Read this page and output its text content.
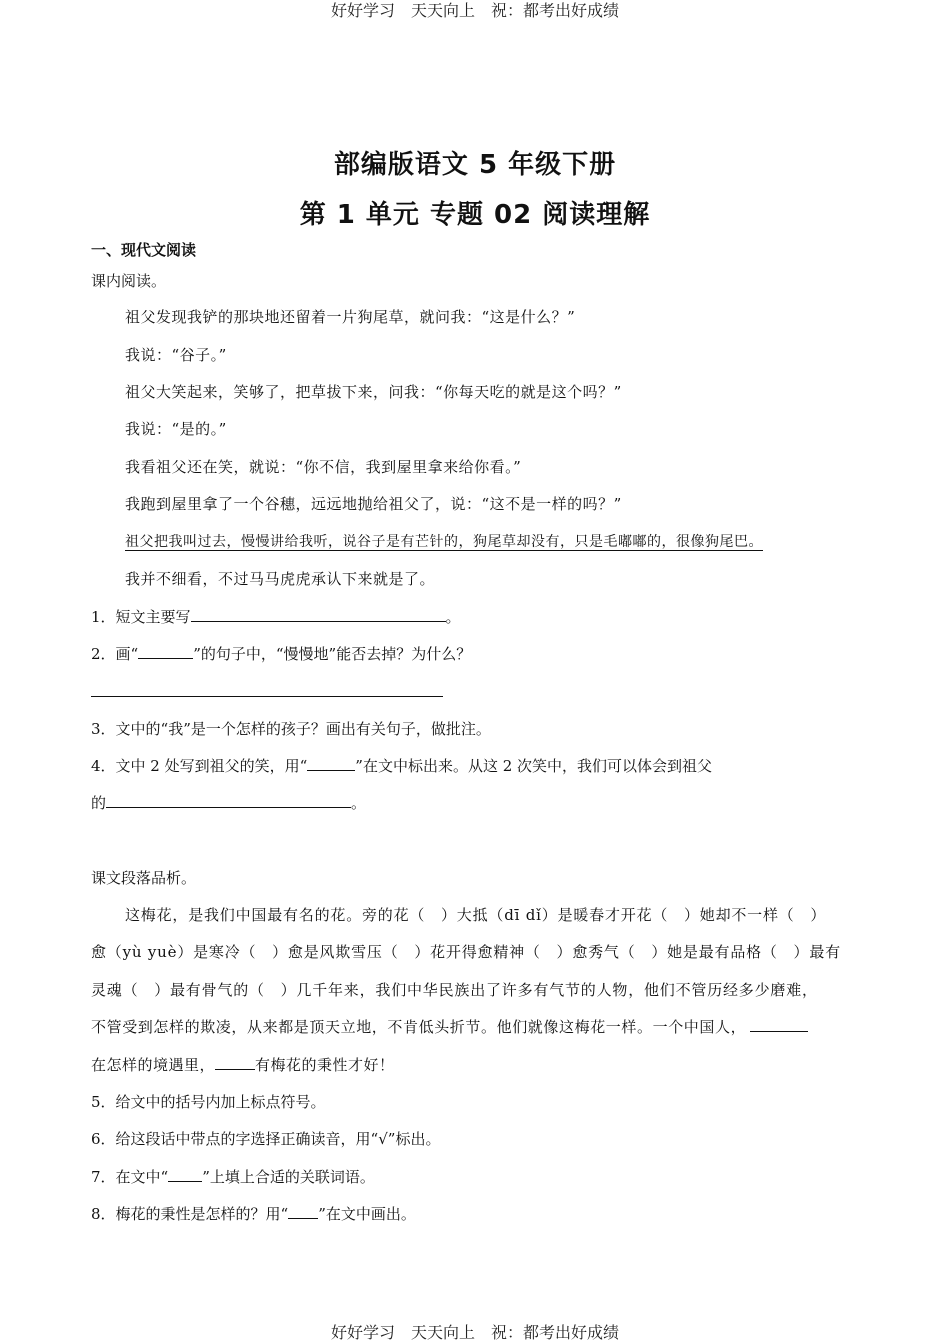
好好学习　天天向上　祝：都考出好成绩
部编版语文 5 年级下册
第 1 单元 专题 02 阅读理解
一、现代文阅读
课内阅读。
祖父发现我铲的那块地还留着一片狗尾草，就问我：“这是什么？”
我说：“谷子。”
祖父大笑起来，笑够了，把草拔下来，问我：“你每天吃的就是这个吗？”
我说：“是的。”
我看祖父还在笑，就说：“你不信，我到屋里拿来给你看。”
我跑到屋里拿了一个谷穗，远远地抛给祖父了，说：“这不是一样的吗？”
祖父把我叫过去，慢慢讲给我听，说谷子是有芒针的，狗尾草却没有，只是毛嘟嘟的，很像狗尾巴。
我并不细看，不过马马虎虎承认下来就是了。
1．短文主要写	。
2．画“	”的句子中，“慢慢地”能否去掉？为什么？
3．文中的“我”是一个怎样的孩子？画出有关句子，做批注。
4．文中 2 处写到祖父的笑，用“	”在文中标出来。从这 2 次笑中，我们可以体会到祖父
的	。
课文段落品析。
这梅花，是我们中国最有名的花。旁的花（　）大抵（dī dǐ）是暖春才开花（　）她却不一样（　）
愈（yù yuè）是寒冷（　）愈是风欺雪压（　）花开得愈精神（　）愈秀气（　）她是最有品格（　）最有
灵魂（　）最有骨气的（　）几千年来，我们中华民族出了许多有气节的人物，他们不管历经多少磨难，
不管受到怎样的欺凌，从来都是顶天立地，不肯低头折节。他们就像这梅花一样。一个中国人，
在怎样的境遇里，	有梅花的秉性才好！
5．给文中的括号内加上标点符号。
6．给这段话中带点的字选择正确读音，用“√”标出。
7．在文中“ ”上填上合适的关联词语。
8．梅花的秉性是怎样的？用“ ”在文中画出。
好好学习　天天向上　祝：都考出好成绩
